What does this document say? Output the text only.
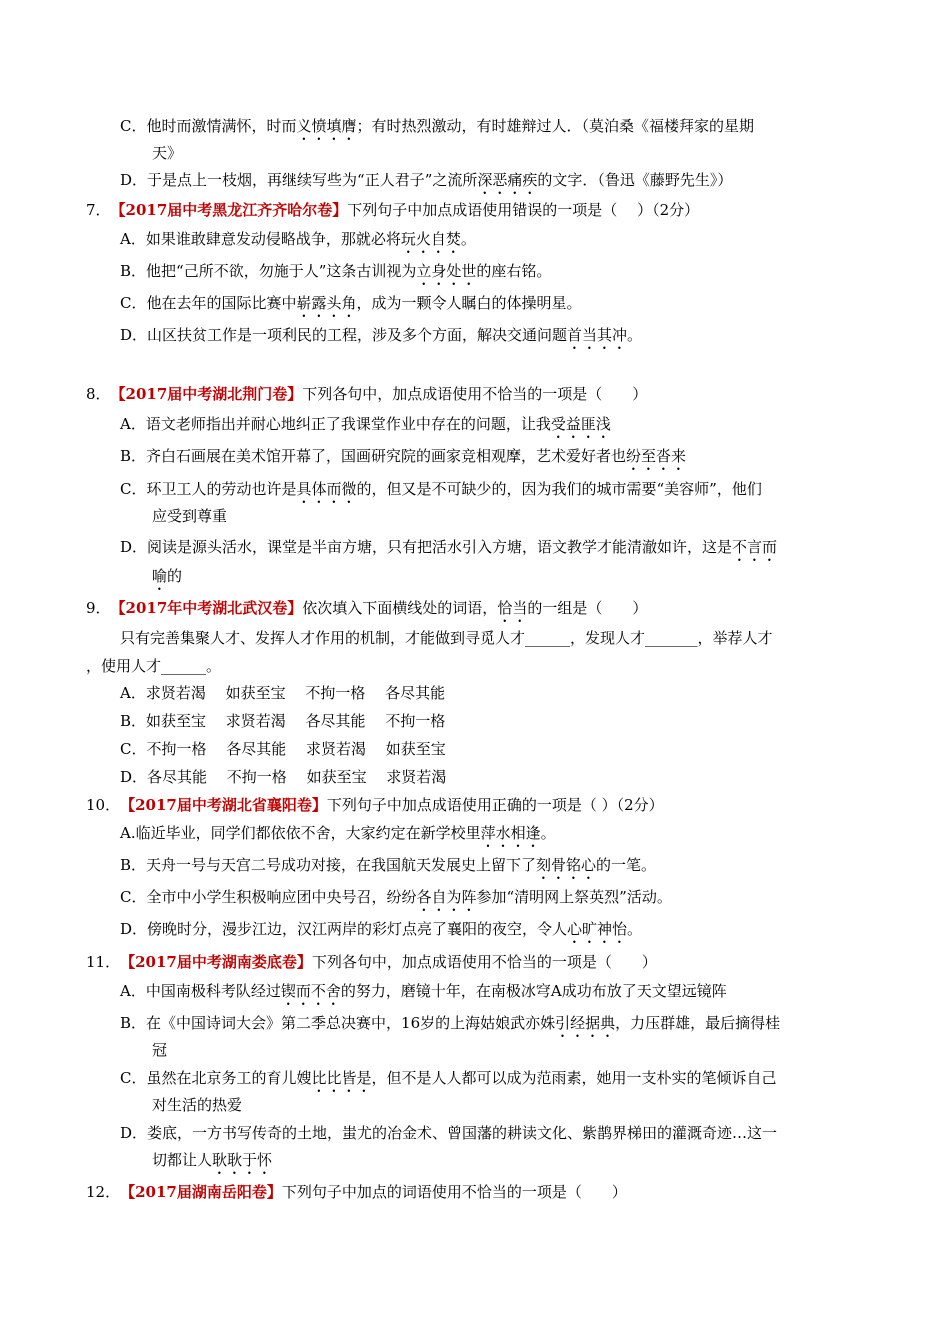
C．他时而激情满怀，时而义愤填膺；有时热烈激动，有时雄辩过人．（莫泊桑《福楼拜家的星期
天》
D．于是点上一枝烟，再继续写些为“正人君子”之流所深恶痛疾的文字．（鲁迅《藤野先生》）
7．【2017届中考黑龙江齐齐哈尔卷】下列句子中加点成语使用错误的一项是（　 ）（2分）
A．如果谁敢肆意发动侵略战争，那就必将玩火自焚。
B．他把“己所不欲，勿施于人”这条古训视为立身处世的座右铭。
C．他在去年的国际比赛中崭露头角，成为一颗令人瞩白的体操明星。
D．山区扶贫工作是一项利民的工程，涉及多个方面，解决交通问题首当其冲。
8．【2017届中考湖北荆门卷】下列各句中，加点成语使用不恰当的一项是（　　）
A．语文老师指出并耐心地纠正了我课堂作业中存在的问题，让我受益匪浅
B．齐白石画展在美术馆开幕了，国画研究院的画家竞相观摩，艺术爱好者也纷至沓来
C．环卫工人的劳动也许是具体而微的，但又是不可缺少的，因为我们的城市需要“美容师”，他们
应受到尊重
D．阅读是源头活水，课堂是半亩方塘，只有把活水引入方塘，语文教学才能清澈如许，这是不言而
喻的
9．【2017年中考湖北武汉卷】依次填入下面横线处的词语，恰当的一组是（　　）
只有完善集聚人才、发挥人才作用的机制，才能做到寻觅人才______，发现人才_______，举荐人才
，使用人才______。
A．求贤若渴　 如获至宝　 不拘一格　 各尽其能
B．如获至宝　 求贤若渴　 各尽其能　 不拘一格
C．不拘一格　 各尽其能　 求贤若渴　 如获至宝
D．各尽其能　 不拘一格　 如获至宝　 求贤若渴
10．【2017届中考湖北省襄阳卷】下列句子中加点成语使用正确的一项是（ ）（2分）
A.临近毕业，同学们都依依不舍，大家约定在新学校里萍水相逢。
B．天舟一号与天宫二号成功对接，在我国航天发展史上留下了刻骨铭心的一笔。
C．全市中小学生积极响应团中央号召，纷纷各自为阵参加“清明网上祭英烈”活动。
D．傍晚时分，漫步江边，汉江两岸的彩灯点亮了襄阳的夜空，令人心旷神怡。
11．【2017届中考湖南娄底卷】下列各句中，加点成语使用不恰当的一项是（　　）
A．中国南极科考队经过锲而不舍的努力，磨镜十年，在南极冰穹A成功布放了天文望远镜阵
B．在《中国诗词大会》第二季总决赛中，16岁的上海姑娘武亦姝引经据典，力压群雄，最后摘得桂
冠
C．虽然在北京务工的育儿嫂比比皆是，但不是人人都可以成为范雨素，她用一支朴实的笔倾诉自己
对生活的热爱
D．娄底，一方书写传奇的土地，蚩尤的冶金术、曾国藩的耕读文化、紫鹊界梯田的灌溉奇迹…这一
切都让人耿耿于怀
12．【2017届湖南岳阳卷】下列句子中加点的词语使用不恰当的一项是（　　）
